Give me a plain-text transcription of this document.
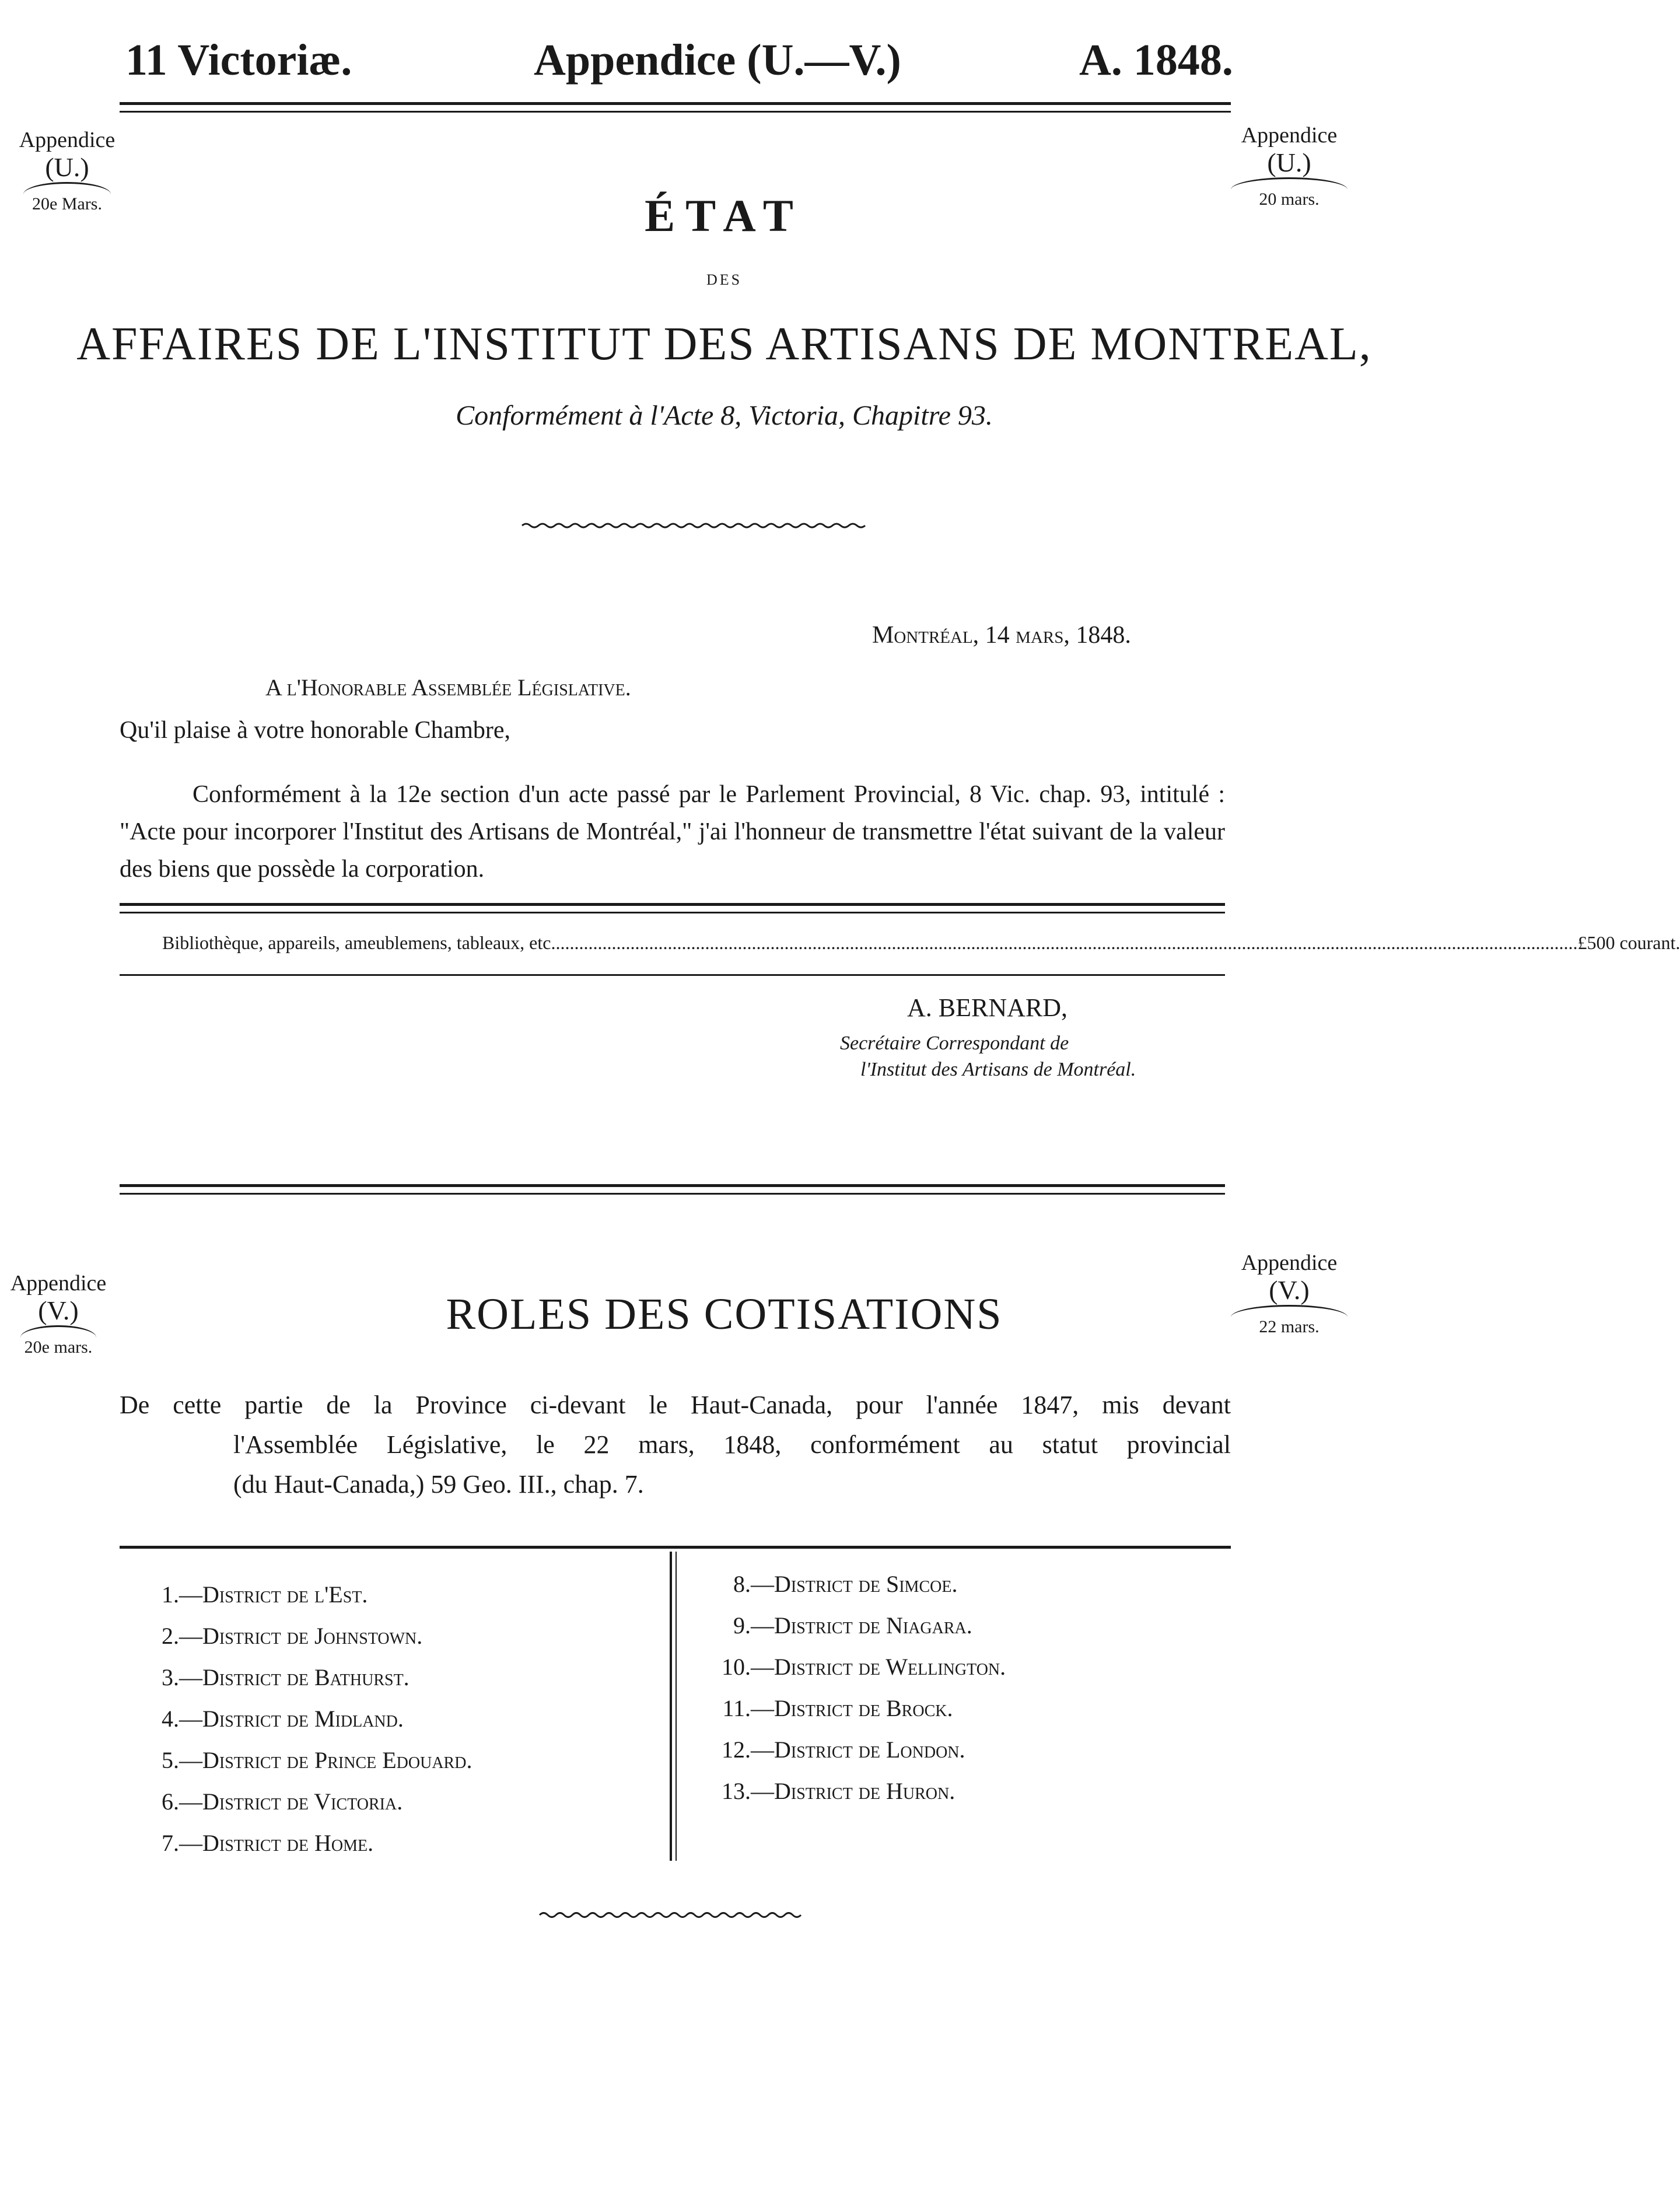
11 Victoriæ.	Appendice (U.—V.)	A. 1848.
Appendice
(U.)
20e Mars.
Appendice
(U.)
20 mars.
ÉTAT
DES
AFFAIRES DE L'INSTITUT DES ARTISANS DE MONTREAL,
Conformément à l'Acte 8, Victoria, Chapitre 93.
Montréal, 14 mars, 1848.
A l'Honorable Assemblée Législative.
Qu'il plaise à votre honorable Chambre,
Conformément à la 12e section d'un acte passé par le Parlement Provincial, 8 Vic. chap. 93, intitulé : "Acte pour incorporer l'Institut des Artisans de Montréal," j'ai l'honneur de transmettre l'état suivant de la valeur des biens que possède la corporation.
Bibliothèque, appareils, ameublemens, tableaux, etc ............................................................................................................................................................................................................................ £500 courant.
A. BERNARD,
Secrétaire Correspondant de
l'Institut des Artisans de Montréal.
Appendice
(V.)
20e mars.
Appendice
(V.)
22 mars.
ROLES DES COTISATIONS
De cette partie de la Province ci-devant le Haut-Canada, pour l'année 1847, mis devant
l'Assemblée Législative, le 22 mars, 1848, conformément au statut provincial
(du Haut-Canada,) 59 Geo. III., chap. 7.
1.—District de l'Est.
2.—District de Johnstown.
3.—District de Bathurst.
4.—District de Midland.
5.—District de Prince Edouard.
6.—District de Victoria.
7.—District de Home.
8.—District de Simcoe.
9.—District de Niagara.
10.—District de Wellington.
11.—District de Brock.
12.—District de London.
13.—District de Huron.
